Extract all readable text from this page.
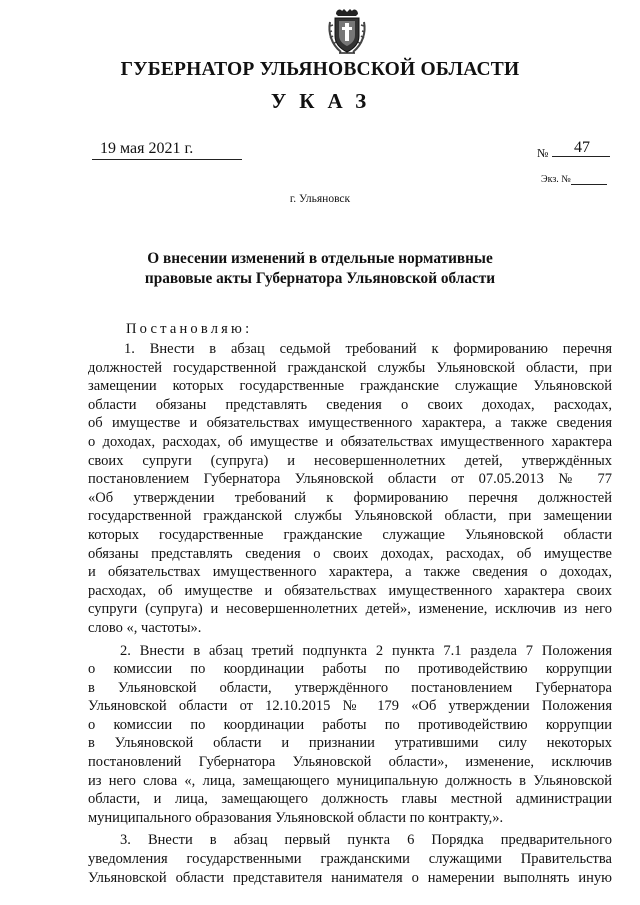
ГУБЕРНАТОР УЛЬЯНОВСКОЙ ОБЛАСТИ
УКАЗ
19 мая 2021 г.	№ 47
Экз. №
г. Ульяновск
О внесении изменений в отдельные нормативные
правовые акты Губернатора Ульяновской области
Постановляю:
1. Внести в абзац седьмой требований к формированию перечня
должностей государственной гражданской службы Ульяновской области, при
замещении которых государственные гражданские служащие Ульяновской
области обязаны представлять сведения о своих доходах, расходах,
об имуществе и обязательствах имущественного характера, а также сведения
о доходах, расходах, об имуществе и обязательствах имущественного характера
своих супруги (супруга) и несовершеннолетних детей, утверждённых
постановлением Губернатора Ульяновской области от 07.05.2013 № 77
«Об утверждении требований к формированию перечня должностей
государственной гражданской службы Ульяновской области, при замещении
которых государственные гражданские служащие Ульяновской области
обязаны представлять сведения о своих доходах, расходах, об имуществе
и обязательствах имущественного характера, а также сведения о доходах,
расходах, об имуществе и обязательствах имущественного характера своих
супруги (супруга) и несовершеннолетних детей», изменение, исключив из него
слово «, частоты».
2. Внести в абзац третий подпункта 2 пункта 7.1 раздела 7 Положения
о комиссии по координации работы по противодействию коррупции
в Ульяновской области, утверждённого постановлением Губернатора
Ульяновской области от 12.10.2015 № 179 «Об утверждении Положения
о комиссии по координации работы по противодействию коррупции
в Ульяновской области и признании утратившими силу некоторых
постановлений Губернатора Ульяновской области», изменение, исключив
из него слова «, лица, замещающего муниципальную должность в Ульяновской
области, и лица, замещающего должность главы местной администрации
муниципального образования Ульяновской области по контракту,».
3. Внести в абзац первый пункта 6 Порядка предварительного
уведомления государственными гражданскими служащими Правительства
Ульяновской области представителя нанимателя о намерении выполнять иную
